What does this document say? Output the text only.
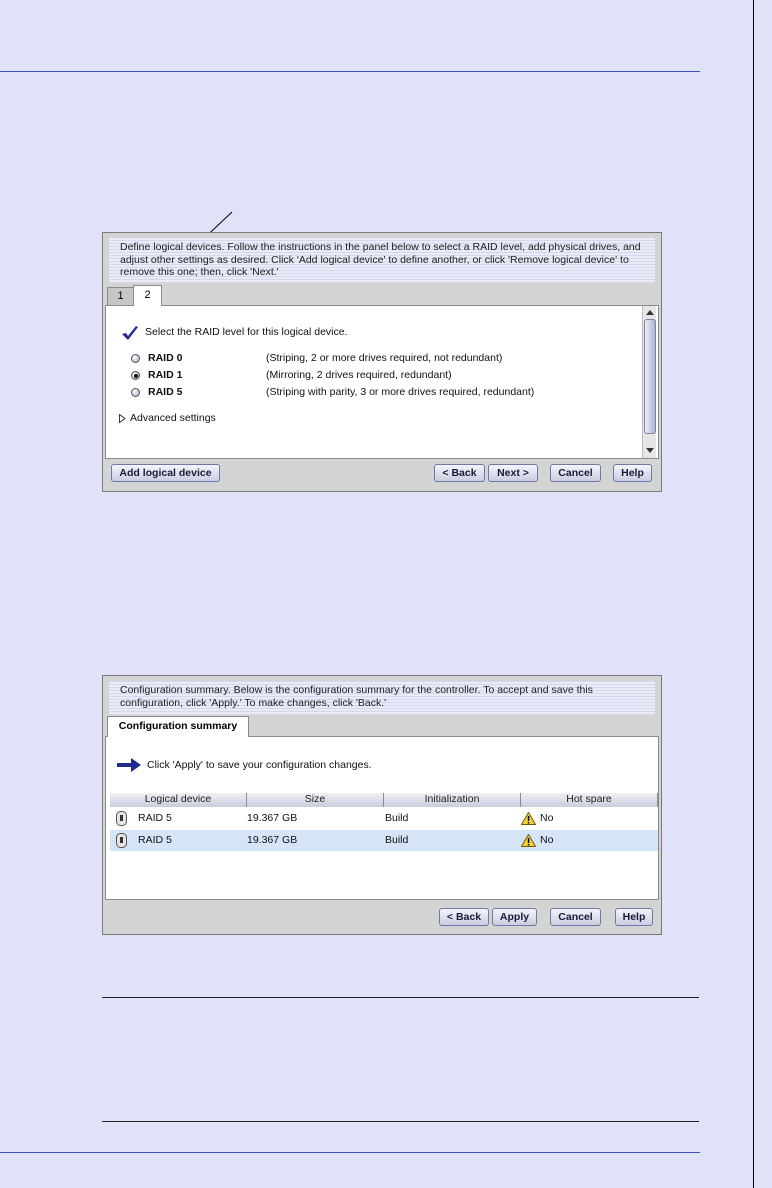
Define logical devices. Follow the instructions in the panel below to select a RAID level, add physical drives, and adjust other settings as desired. Click 'Add logical device' to define another, or click 'Remove logical device' to remove this one; then, click 'Next.'
1	2
Select the RAID level for this logical device.
RAID 0	(Striping, 2 or more drives required, not redundant)
RAID 1	(Mirroring, 2 drives required, redundant)
RAID 5	(Striping with parity, 3 or more drives required, redundant)
Advanced settings
Add logical device	< Back	Next >	Cancel	Help
Configuration summary. Below is the configuration summary for the controller. To accept and save this configuration, click 'Apply.' To make changes, click 'Back.'
Configuration summary
Click 'Apply' to save your configuration changes.
Logical device	Size	Initialization	Hot spare
RAID 5	19.367 GB	Build	No
RAID 5	19.367 GB	Build	No
< Back	Apply	Cancel	Help
